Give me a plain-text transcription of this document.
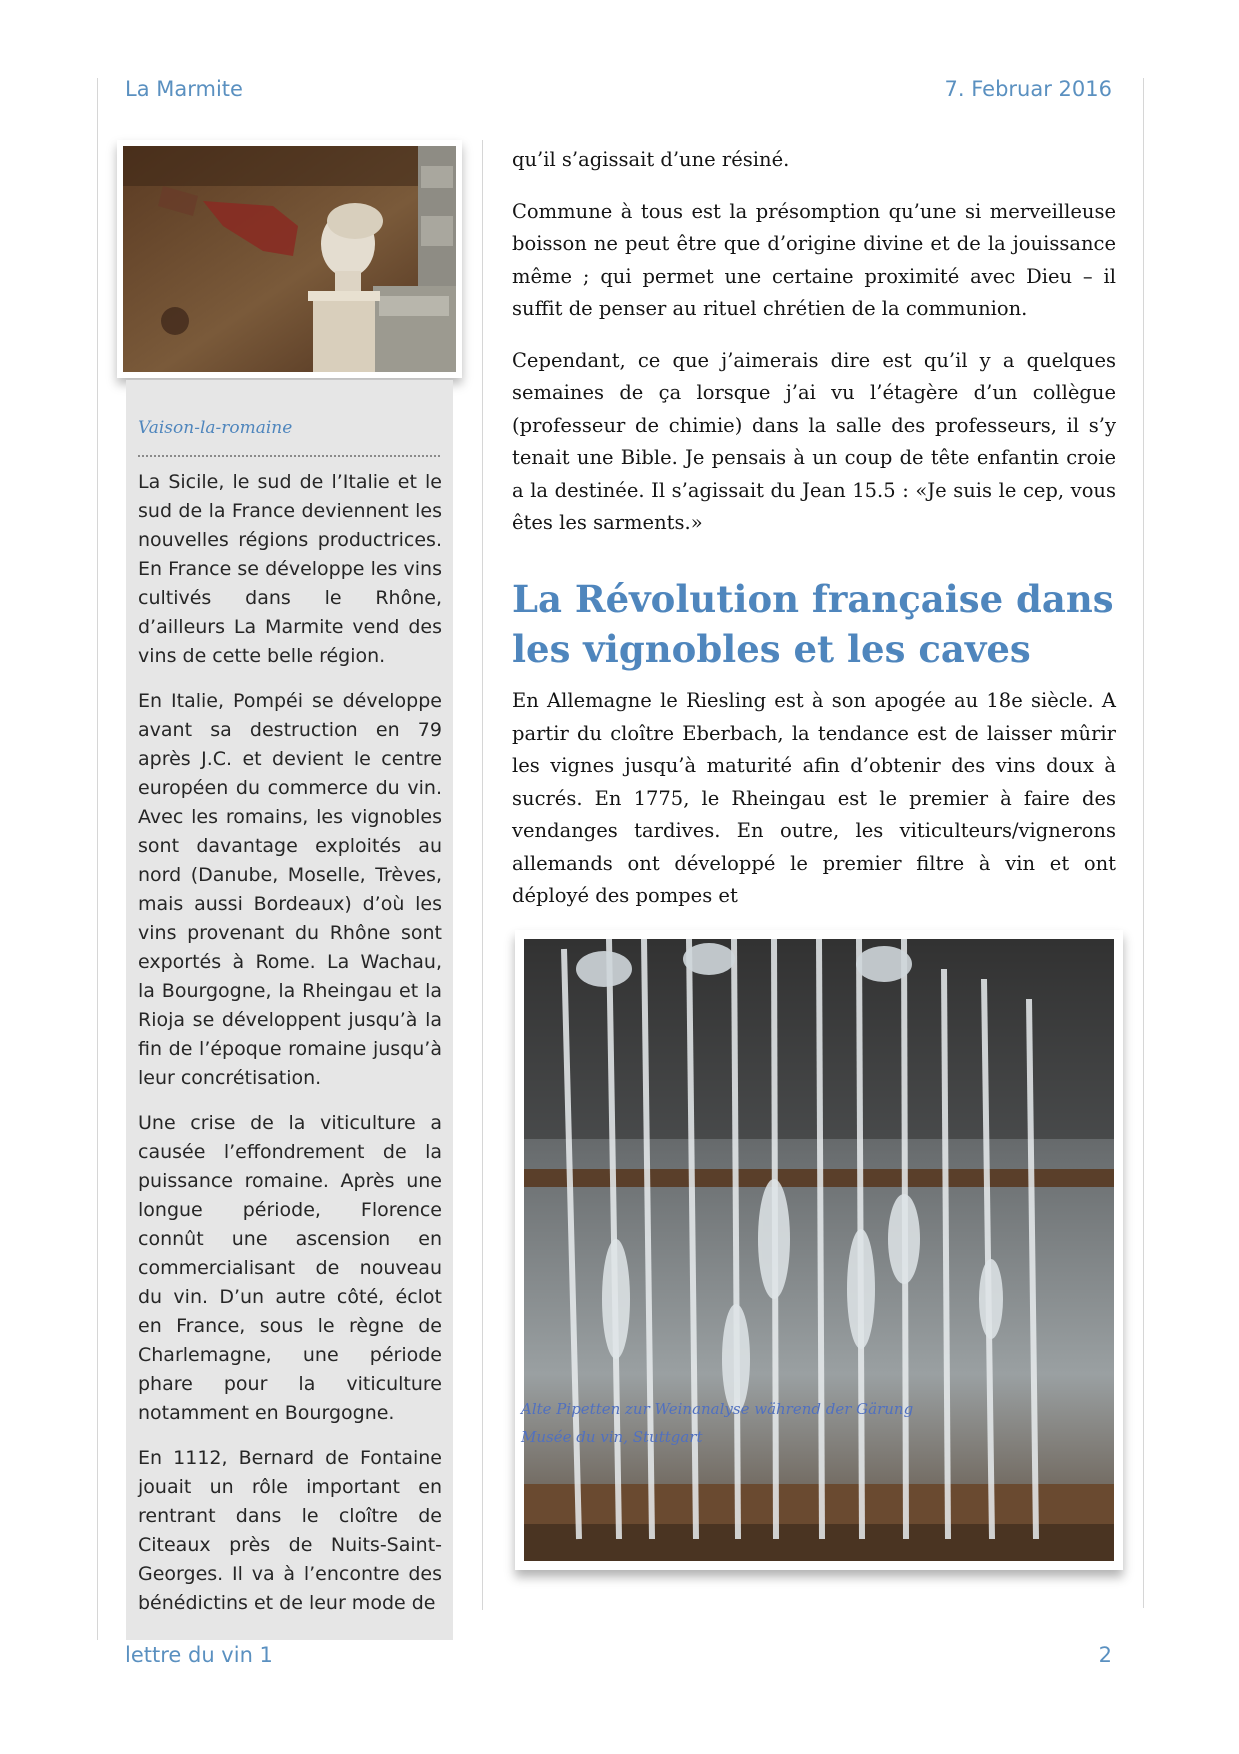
La Marmite	7. Februar 2016
Vaison-la-romaine

La Sicile, le sud de l’Italie et le sud de la France deviennent les nouvelles régions productrices. En France se développe les vins cultivés dans le Rhône, d’ailleurs La Marmite vend des vins de cette belle région.

En Italie, Pompéi se développe avant sa destruction en 79 après J.C. et devient le centre européen du commerce du vin. Avec les romains, les vignobles sont davantage exploités au nord (Danube, Moselle, Trèves, mais aussi Bordeaux) d’où les vins provenant du Rhône sont exportés à Rome. La Wachau, la Bourgogne, la Rheingau et la Rioja se développent jusqu’à la fin de l’époque romaine jusqu’à leur concrétisation.

Une crise de la viticulture a causée l’effondrement de la puissance romaine. Après une longue période, Florence connût une ascension en commercialisant de nouveau du vin. D’un autre côté, éclot en France, sous le règne de Charlemagne, une période phare pour la viticulture notamment en Bourgogne.

En 1112, Bernard de Fontaine jouait un rôle important en rentrant dans le cloître de Citeaux près de Nuits-Saint-Georges. Il va à l’encontre des bénédictins et de leur mode de

qu’il s’agissait d’une résiné.

Commune à tous est la présomption qu’une si merveilleuse boisson ne peut être que d’origine divine et de la jouissance même ; qui permet une certaine proximité avec Dieu – il suffit de penser au rituel chrétien de la communion.

Cependant, ce que j’aimerais dire est qu’il y a quelques semaines de ça lorsque j’ai vu l’étagère d’un collègue (professeur de chimie) dans la salle des professeurs, il s’y tenait une Bible. Je pensais à un coup de tête enfantin croie a la destinée. Il s’agissait du Jean 15.5 : «Je suis le cep, vous êtes les sarments.»

La Révolution française dans les vignobles et les caves

En Allemagne le Riesling est à son apogée au 18e siècle. A partir du cloître Eberbach, la tendance est de laisser mûrir les vignes jusqu’à maturité afin d’obtenir des vins doux à sucrés. En 1775, le Rheingau est le premier à faire des vendanges tardives. En outre, les viticulteurs/vignerons allemands ont développé le premier filtre à vin et ont déployé des pompes et

Alte Pipetten zur Weinanalyse während der Gärung
Musée du vin, Stuttgart
lettre du vin 1	2
